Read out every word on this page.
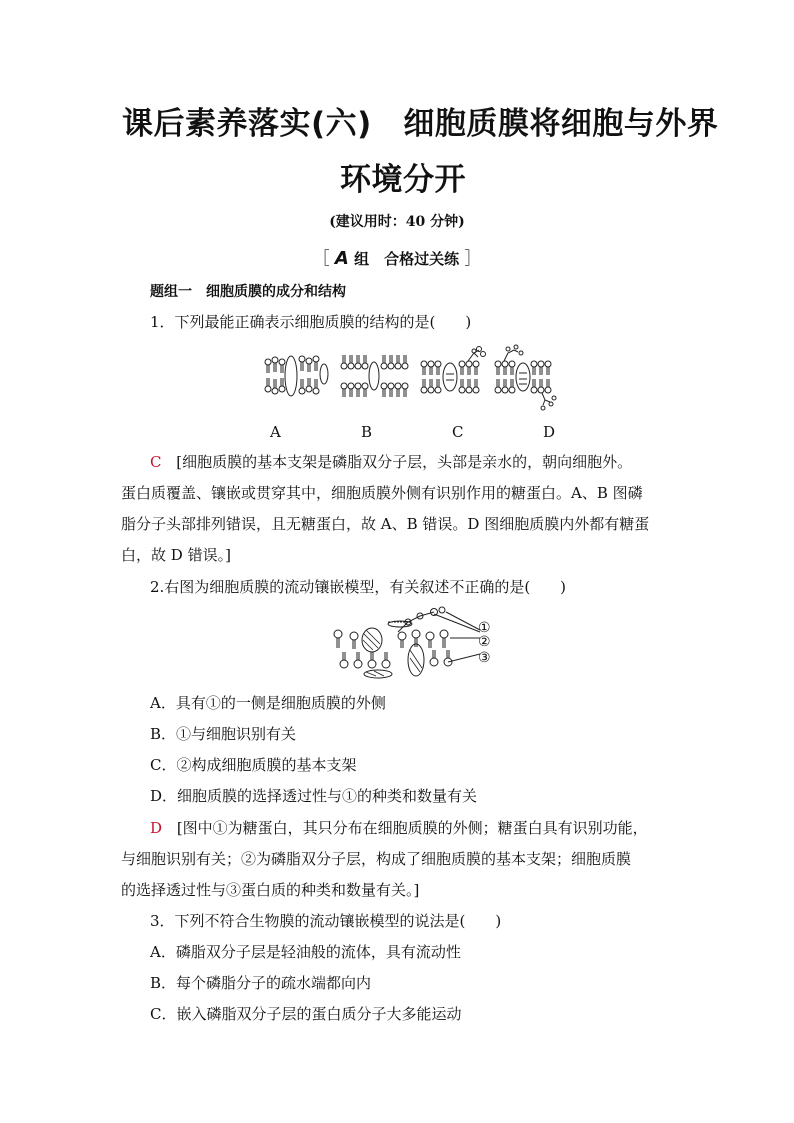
课后素养落实(六)　细胞质膜将细胞与外界
环境分开
(建议用时：40 分钟)
［ A 组　合格过关练 ］
题组一　细胞质膜的成分和结构
1．下列最能正确表示细胞质膜的结构的是(　　)
A	B	C	D
C [细胞质膜的基本支架是磷脂双分子层，头部是亲水的，朝向细胞外。
蛋白质覆盖、镶嵌或贯穿其中，细胞质膜外侧有识别作用的糖蛋白。A、B 图磷
脂分子头部排列错误，且无糖蛋白，故 A、B 错误。D 图细胞质膜内外都有糖蛋
白，故 D 错误。]
2.右图为细胞质膜的流动镶嵌模型，有关叙述不正确的是(　　)
①
②
③
A．具有①的一侧是细胞质膜的外侧
B．①与细胞识别有关
C．②构成细胞质膜的基本支架
D．细胞质膜的选择透过性与①的种类和数量有关
D [图中①为糖蛋白，其只分布在细胞质膜的外侧；糖蛋白具有识别功能，
与细胞识别有关；②为磷脂双分子层，构成了细胞质膜的基本支架；细胞质膜
的选择透过性与③蛋白质的种类和数量有关。]
3．下列不符合生物膜的流动镶嵌模型的说法是(　　)
A．磷脂双分子层是轻油般的流体，具有流动性
B．每个磷脂分子的疏水端都向内
C．嵌入磷脂双分子层的蛋白质分子大多能运动
